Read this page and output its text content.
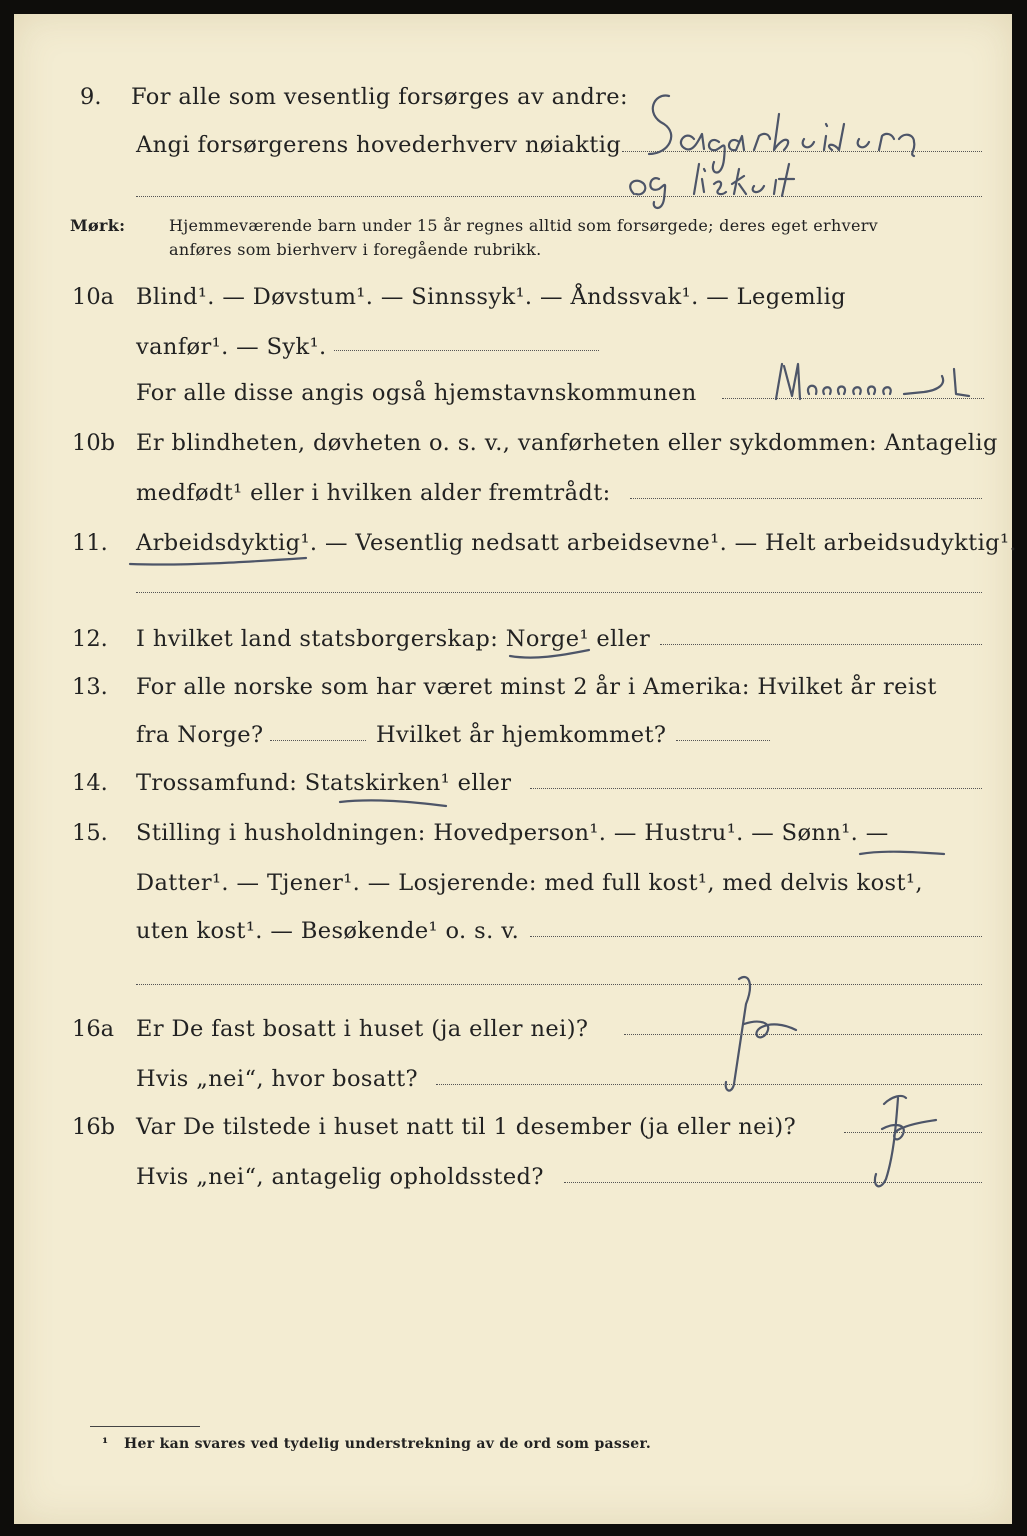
9. For alle som vesentlig forsørges av andre:
Angi forsørgerens hovederhverv nøiaktig
Mørk:	Hjemmeværende barn under 15 år regnes alltid som forsørgede; deres eget erhverv
anføres som bierhverv i foregående rubrikk.
10a Blind¹. — Døvstum¹. — Sinnssyk¹. — Åndssvak¹. — Legemlig
vanfør¹. — Syk¹.
For alle disse angis også hjemstavnskommunen
10b Er blindheten, døvheten o. s. v., vanførheten eller sykdommen: Antagelig
medfødt¹ eller i hvilken alder fremtrådt:
11. Arbeidsdyktig¹. — Vesentlig nedsatt arbeidsevne¹. — Helt arbeidsudyktig¹.
12. I hvilket land statsborgerskap: Norge¹ eller
13. For alle norske som har været minst 2 år i Amerika: Hvilket år reist
fra Norge?	Hvilket år hjemkommet?
14. Trossamfund: Statskirken¹ eller
15. Stilling i husholdningen: Hovedperson¹. — Hustru¹. — Sønn¹. —
Datter¹. — Tjener¹. — Losjerende: med full kost¹, med delvis kost¹,
uten kost¹. — Besøkende¹ o. s. v.
16a Er De fast bosatt i huset (ja eller nei)?
Hvis „nei“, hvor bosatt?
16b Var De tilstede i huset natt til 1 desember (ja eller nei)?
Hvis „nei“, antagelig opholdssted?
¹ Her kan svares ved tydelig understrekning av de ord som passer.
